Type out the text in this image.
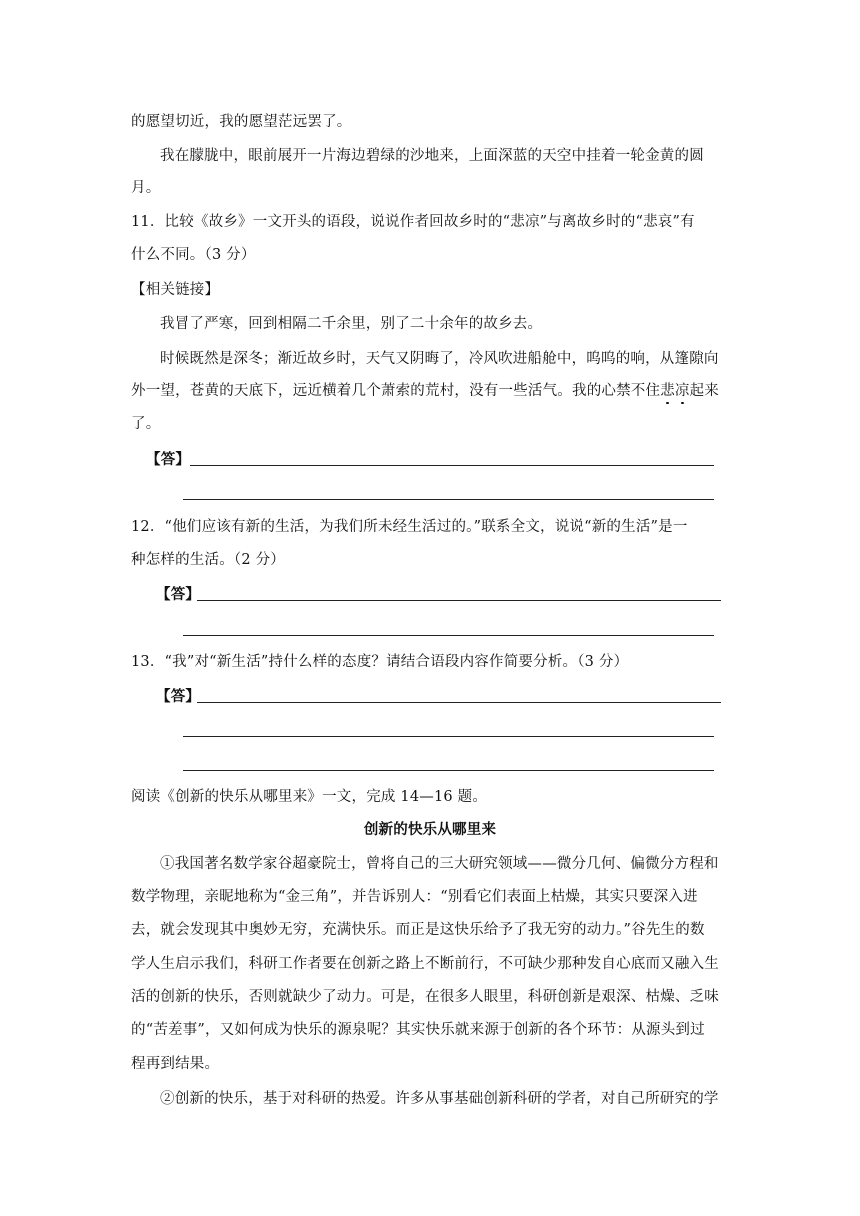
的愿望切近，我的愿望茫远罢了。
我在朦胧中，眼前展开一片海边碧绿的沙地来，上面深蓝的天空中挂着一轮金黄的圆
月。
11．比较《故乡》一文开头的语段，说说作者回故乡时的“悲凉”与离故乡时的“悲哀”有
什么不同。（3 分）
【相关链接】
我冒了严寒，回到相隔二千余里，别了二十余年的故乡去。
时候既然是深冬；渐近故乡时，天气又阴晦了，冷风吹进船舱中，呜呜的响，从篷隙向
外一望，苍黄的天底下，远近横着几个萧索的荒村，没有一些活气。我的心禁不住悲凉起来
了。
【答】
12．“他们应该有新的生活，为我们所未经生活过的。”联系全文，说说“新的生活”是一
种怎样的生活。（2 分）
【答】
13．“我”对“新生活”持什么样的态度？请结合语段内容作简要分析。（3 分）
【答】
阅读《创新的快乐从哪里来》一文，完成 14—16 题。
创新的快乐从哪里来
①我国著名数学家谷超豪院士，曾将自己的三大研究领域——微分几何、偏微分方程和
数学物理，亲昵地称为“金三角”，并告诉别人：“别看它们表面上枯燥，其实只要深入进
去，就会发现其中奥妙无穷，充满快乐。而正是这快乐给予了我无穷的动力。”谷先生的数
学人生启示我们，科研工作者要在创新之路上不断前行，不可缺少那种发自心底而又融入生
活的创新的快乐，否则就缺少了动力。可是，在很多人眼里，科研创新是艰深、枯燥、乏味
的“苦差事”，又如何成为快乐的源泉呢？其实快乐就来源于创新的各个环节：从源头到过
程再到结果。
②创新的快乐，基于对科研的热爱。许多从事基础创新科研的学者，对自己所研究的学
